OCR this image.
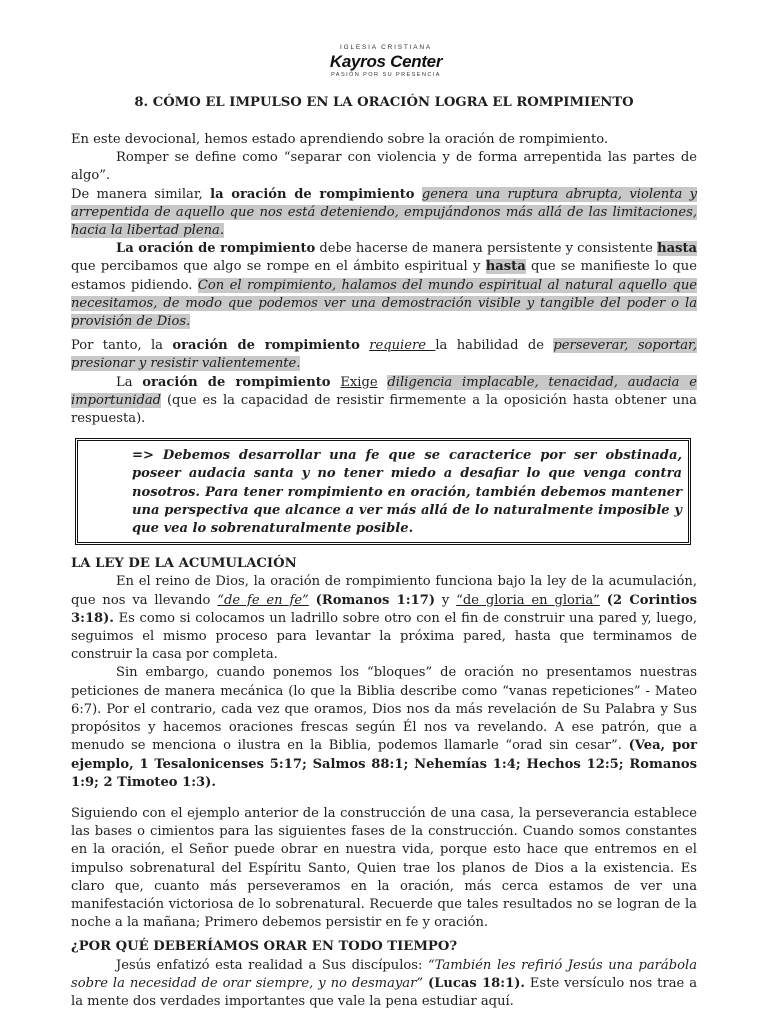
IGLESIA CRISTIANA
Kayros Center
PASIÓN POR SU PRESENCIA
8. CÓMO EL IMPULSO EN LA ORACIÓN LOGRA EL ROMPIMIENTO

En este devocional, hemos estado aprendiendo sobre la oración de rompimiento.

Romper se define como “separar con violencia y de forma arrepentida las partes de algo”.

De manera similar, la oración de rompimiento genera una ruptura abrupta, violenta y arrepentida de aquello que nos está deteniendo, empujándonos más allá de las limitaciones, hacia la libertad plena.

La oración de rompimiento debe hacerse de manera persistente y consistente hasta que percibamos que algo se rompe en el ámbito espiritual y hasta que se manifieste lo que estamos pidiendo. Con el rompimiento, halamos del mundo espiritual al natural aquello que necesitamos, de modo que podemos ver una demostración visible y tangible del poder o la provisión de Dios.

Por tanto, la oración de rompimiento requiere la habilidad de perseverar, soportar, presionar y resistir valientemente.

La oración de rompimiento Exige diligencia implacable, tenacidad, audacia e importunidad (que es la capacidad de resistir firmemente a la oposición hasta obtener una respuesta).

=> Debemos desarrollar una fe que se caracterice por ser obstinada, poseer audacia santa y no tener miedo a desafiar lo que venga contra nosotros. Para tener rompimiento en oración, también debemos mantener una perspectiva que alcance a ver más allá de lo naturalmente imposible y que vea lo sobrenaturalmente posible.
LA LEY DE LA ACUMULACIÓN

En el reino de Dios, la oración de rompimiento funciona bajo la ley de la acumulación, que nos va llevando “de fe en fe” (Romanos 1:17) y “de gloria en gloria” (2 Corintios 3:18). Es como si colocamos un ladrillo sobre otro con el fin de construir una pared y, luego, seguimos el mismo proceso para levantar la próxima pared, hasta que terminamos de construir la casa por completa.

Sin embargo, cuando ponemos los “bloques” de oración no presentamos nuestras peticiones de manera mecánica (lo que la Biblia describe como “vanas repeticiones” - Mateo 6:7). Por el contrario, cada vez que oramos, Dios nos da más revelación de Su Palabra y Sus propósitos y hacemos oraciones frescas según Él nos va revelando. A ese patrón, que a menudo se menciona o ilustra en la Biblia, podemos llamarle “orad sin cesar”. (Vea, por ejemplo, 1 Tesalonicenses 5:17; Salmos 88:1; Nehemías 1:4; Hechos 12:5; Romanos 1:9; 2 Timoteo 1:3).

Siguiendo con el ejemplo anterior de la construcción de una casa, la perseverancia establece las bases o cimientos para las siguientes fases de la construcción. Cuando somos constantes en la oración, el Señor puede obrar en nuestra vida, porque esto hace que entremos en el impulso sobrenatural del Espíritu Santo, Quien trae los planos de Dios a la existencia. Es claro que, cuanto más perseveramos en la oración, más cerca estamos de ver una manifestación victoriosa de lo sobrenatural. Recuerde que tales resultados no se logran de la noche a la mañana; Primero debemos persistir en fe y oración.

¿POR QUÉ DEBERÍAMOS ORAR EN TODO TIEMPO?

Jesús enfatizó esta realidad a Sus discípulos: “También les refirió Jesús una parábola sobre la necesidad de orar siempre, y no desmayar” (Lucas 18:1). Este versículo nos trae a la mente dos verdades importantes que vale la pena estudiar aquí.
